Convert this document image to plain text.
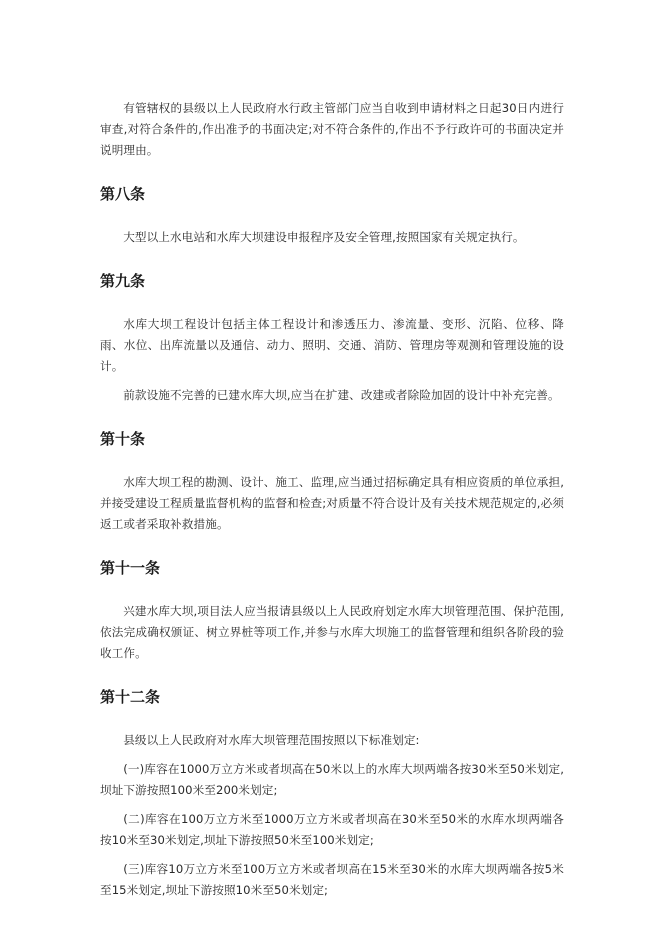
有管辖权的县级以上人民政府水行政主管部门应当自收到申请材料之日起30日内进行审查,对符合条件的,作出准予的书面决定;对不符合条件的,作出不予行政许可的书面决定并说明理由。

第八条

大型以上水电站和水库大坝建设申报程序及安全管理,按照国家有关规定执行。

第九条

水库大坝工程设计包括主体工程设计和渗透压力、渗流量、变形、沉陷、位移、降雨、水位、出库流量以及通信、动力、照明、交通、消防、管理房等观测和管理设施的设计。

前款设施不完善的已建水库大坝,应当在扩建、改建或者除险加固的设计中补充完善。

第十条

水库大坝工程的勘测、设计、施工、监理,应当通过招标确定具有相应资质的单位承担,并接受建设工程质量监督机构的监督和检查;对质量不符合设计及有关技术规范规定的,必须返工或者采取补救措施。

第十一条

兴建水库大坝,项目法人应当报请县级以上人民政府划定水库大坝管理范围、保护范围,依法完成确权颁证、树立界桩等项工作,并参与水库大坝施工的监督管理和组织各阶段的验收工作。

第十二条

县级以上人民政府对水库大坝管理范围按照以下标准划定:

(一)库容在1000万立方米或者坝高在50米以上的水库大坝两端各按30米至50米划定,坝址下游按照100米至200米划定;

(二)库容在100万立方米至1000万立方米或者坝高在30米至50米的水库水坝两端各按10米至30米划定,坝址下游按照50米至100米划定;

(三)库容10万立方米至100万立方米或者坝高在15米至30米的水库大坝两端各按5米至15米划定,坝址下游按照10米至50米划定;
